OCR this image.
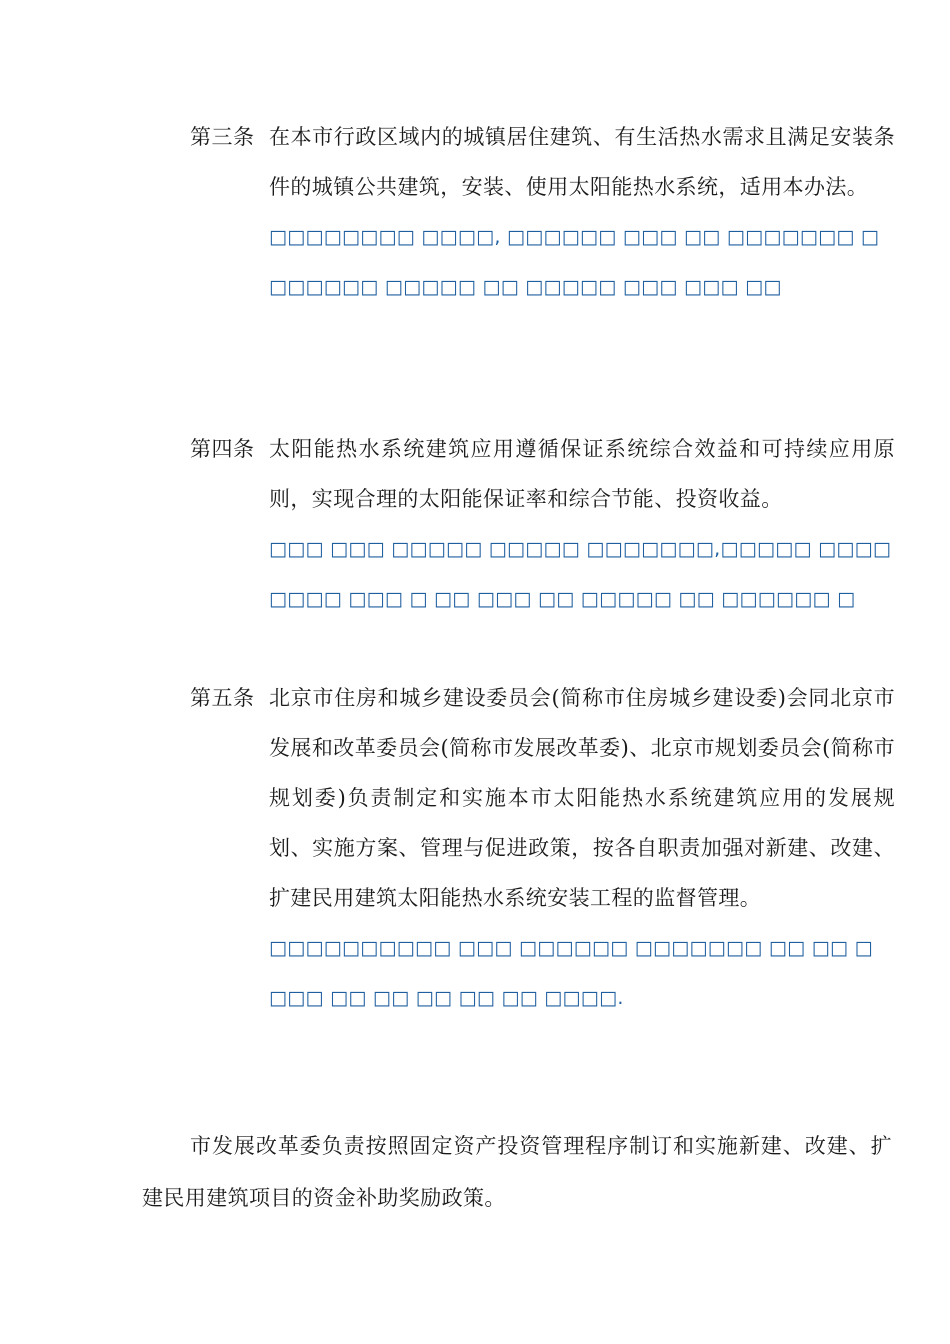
第三条 在本市行政区域内的城镇居住建筑、有生活热水需求且满足安装条件的城镇公共建筑，安装、使用太阳能热水系统，适用本办法。
□□□□□□□□ □□□□, □□□□□□ □□□ □□ □□□□□□□ □ □□□□□□ □□□□□ □□ □□□□□ □□□ □□□ □□
第四条 太阳能热水系统建筑应用遵循保证系统综合效益和可持续应用原则，实现合理的太阳能保证率和综合节能、投资收益。
□□□ □□□ □□□□□ □□□□□ □□□□□□□,□□□□□ □□□□□□□□ □□□ □ □□ □□□ □□ □□□□□ □□ □□□□□□ □
第五条 北京市住房和城乡建设委员会(简称市住房城乡建设委)会同北京市发展和改革委员会(简称市发展改革委)、北京市规划委员会(简称市规划委)负责制定和实施本市太阳能热水系统建筑应用的发展规划、实施方案、管理与促进政策，按各自职责加强对新建、改建、扩建民用建筑太阳能热水系统安装工程的监督管理。
□□□□□□□□□□ □□□ □□□□□□ □□□□□□□ □□ □□ □ □□□ □□ □□ □□ □□ □□ □□□□.
市发展改革委负责按照固定资产投资管理程序制订和实施新建、改建、扩建民用建筑项目的资金补助奖励政策。
